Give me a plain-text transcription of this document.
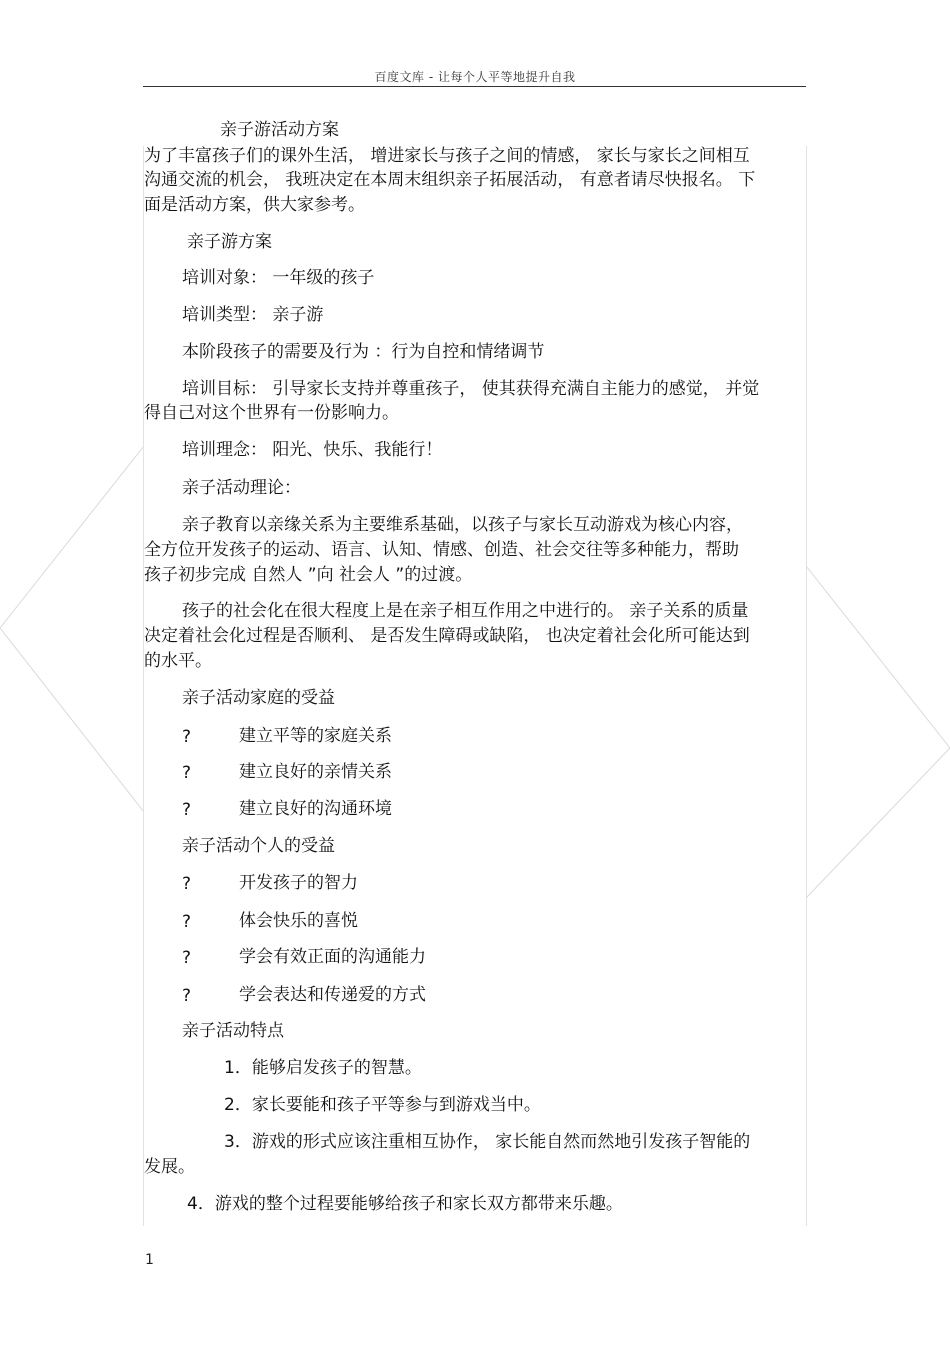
百度文库 - 让每个人平等地提升自我
亲子游活动方案
为了丰富孩子们的课外生活， 增进家长与孩子之间的情感， 家长与家长之间相互
沟通交流的机会， 我班决定在本周末组织亲子拓展活动， 有意者请尽快报名。 下
面是活动方案，供大家参考。
亲子游方案
培训对象： 一年级的孩子
培训类型： 亲子游
本阶段孩子的需要及行为 ：行为自控和情绪调节
培训目标： 引导家长支持并尊重孩子， 使其获得充满自主能力的感觉， 并觉
得自己对这个世界有一份影响力。
培训理念： 阳光、快乐、我能行！
亲子活动理论：
亲子教育以亲缘关系为主要维系基础，以孩子与家长互动游戏为核心内容，
全方位开发孩子的运动、语言、认知、情感、创造、社会交往等多种能力，帮助
孩子初步完成 自然人 ”向 社会人 ”的过渡。
孩子的社会化在很大程度上是在亲子相互作用之中进行的。 亲子关系的质量
决定着社会化过程是否顺利、 是否发生障碍或缺陷， 也决定着社会化所可能达到
的水平。
亲子活动家庭的受益
?	建立平等的家庭关系
?	建立良好的亲情关系
?	建立良好的沟通环境
亲子活动个人的受益
?	开发孩子的智力
?	体会快乐的喜悦
?	学会有效正面的沟通能力
?	学会表达和传递爱的方式
亲子活动特点
1．能够启发孩子的智慧。
2．家长要能和孩子平等参与到游戏当中。
3．游戏的形式应该注重相互协作， 家长能自然而然地引发孩子智能的
发展。
4．游戏的整个过程要能够给孩子和家长双方都带来乐趣。
1
